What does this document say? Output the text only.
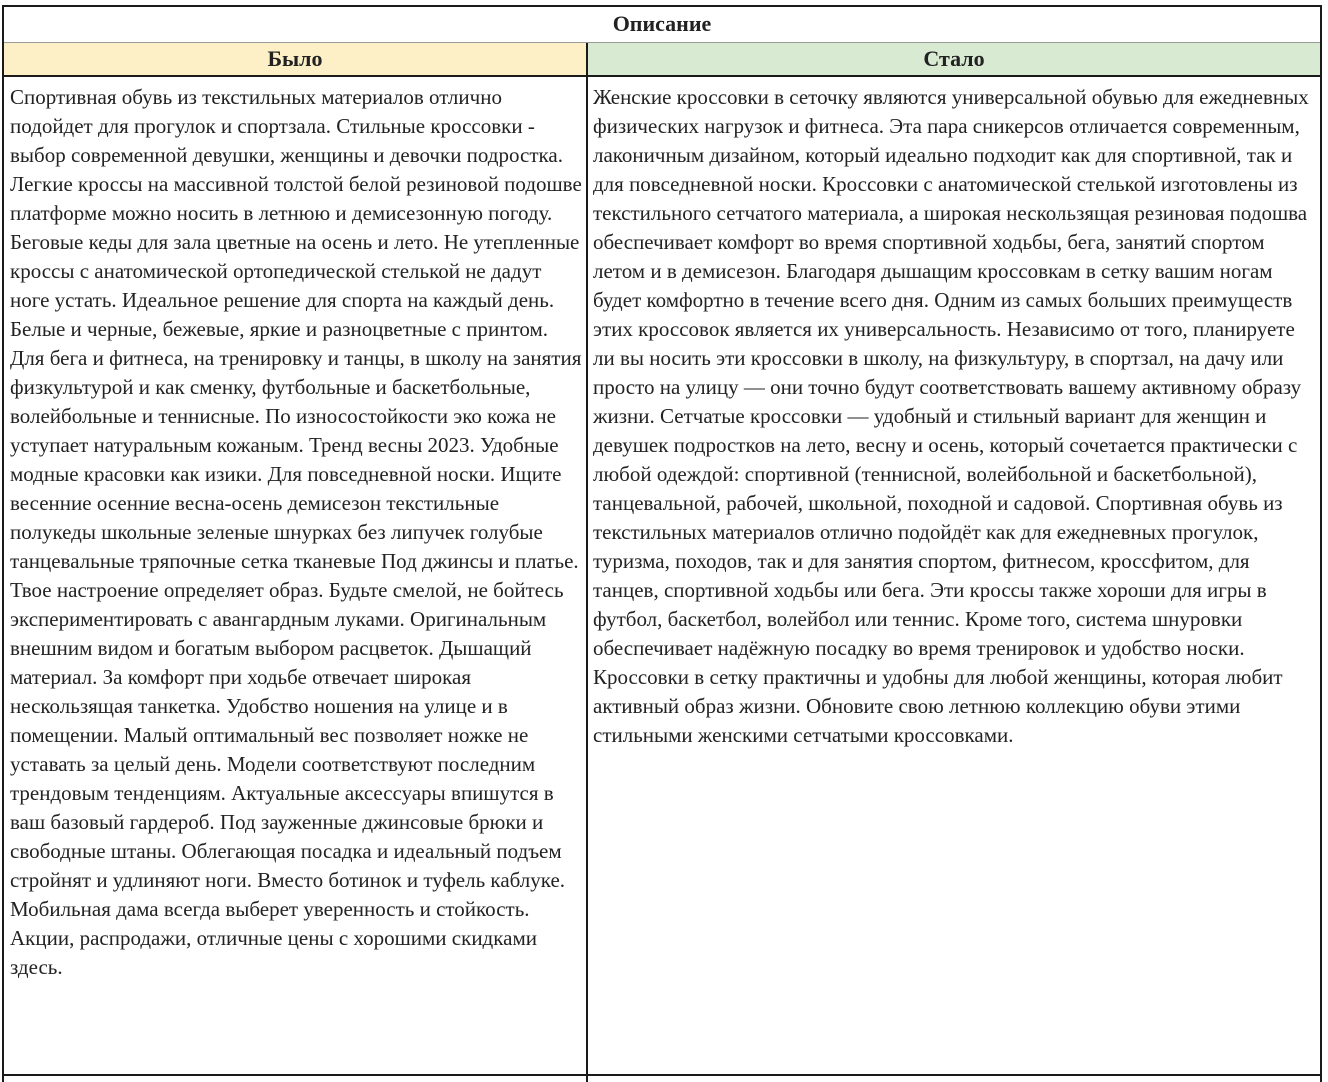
Описание
Было	Стало
Спортивная обувь из текстильных материалов отлично подойдет для прогулок и спортзала. Стильные кроссовки - выбор современной девушки, женщины и девочки подростка. Легкие кроссы на массивной толстой белой резиновой подошве платформе можно носить в летнюю и демисезонную погоду. Беговые кеды для зала цветные на осень и лето. Не утепленные кроссы с анатомической ортопедической стелькой не дадут ноге устать. Идеальное решение для спорта на каждый день. Белые и черные, бежевые, яркие и разноцветные с принтом. Для бега и фитнеса, на тренировку и танцы, в школу на занятия физкультурой и как сменку, футбольные и баскетбольные, волейбольные и теннисные. По износостойкости эко кожа не уступает натуральным кожаным. Тренд весны 2023. Удобные модные красовки как изики. Для повседневной носки. Ищите весенние осенние весна-осень демисезон текстильные полукеды школьные зеленые шнурках без липучек голубые танцевальные тряпочные сетка тканевые Под джинсы и платье. Твое настроение определяет образ. Будьте смелой, не бойтесь экспериментировать с авангардным луками. Оригинальным внешним видом и богатым выбором расцветок. Дышащий материал. За комфорт при ходьбе отвечает широкая нескользящая танкетка. Удобство ношения на улице и в помещении. Малый оптимальный вес позволяет ножке не уставать за целый день. Модели соответствуют последним трендовым тенденциям. Актуальные аксессуары впишутся в ваш базовый гардероб. Под зауженные джинсовые брюки и свободные штаны. Облегающая посадка и идеальный подъем стройнят и удлиняют ноги. Вместо ботинок и туфель каблуке. Мобильная дама всегда выберет уверенность и стойкость. Акции, распродажи, отличные цены с хорошими скидками здесь.
Женские кроссовки в сеточку являются универсальной обувью для ежедневных физических нагрузок и фитнеса. Эта пара сникерсов отличается современным, лаконичным дизайном, который идеально подходит как для спортивной, так и для повседневной носки. Кроссовки с анатомической стелькой изготовлены из текстильного сетчатого материала, а широкая нескользящая резиновая подошва обеспечивает комфорт во время спортивной ходьбы, бега, занятий спортом летом и в демисезон. Благодаря дышащим кроссовкам в сетку вашим ногам будет комфортно в течение всего дня. Одним из самых больших преимуществ этих кроссовок является их универсальность. Независимо от того, планируете ли вы носить эти кроссовки в школу, на физкультуру, в спортзал, на дачу или просто на улицу — они точно будут соответствовать вашему активному образу жизни. Сетчатые кроссовки — удобный и стильный вариант для женщин и девушек подростков на лето, весну и осень, который сочетается практически с любой одеждой: спортивной (теннисной, волейбольной и баскетбольной), танцевальной, рабочей, школьной, походной и садовой. Спортивная обувь из текстильных материалов отлично подойдёт как для ежедневных прогулок, туризма, походов, так и для занятия спортом, фитнесом, кроссфитом, для танцев, спортивной ходьбы или бега. Эти кроссы также хороши для игры в футбол, баскетбол, волейбол или теннис. Кроме того, система шнуровки обеспечивает надёжную посадку во время тренировок и удобство носки. Кроссовки в сетку практичны и удобны для любой женщины, которая любит активный образ жизни. Обновите свою летнюю коллекцию обуви этими стильными женскими сетчатыми кроссовками.
